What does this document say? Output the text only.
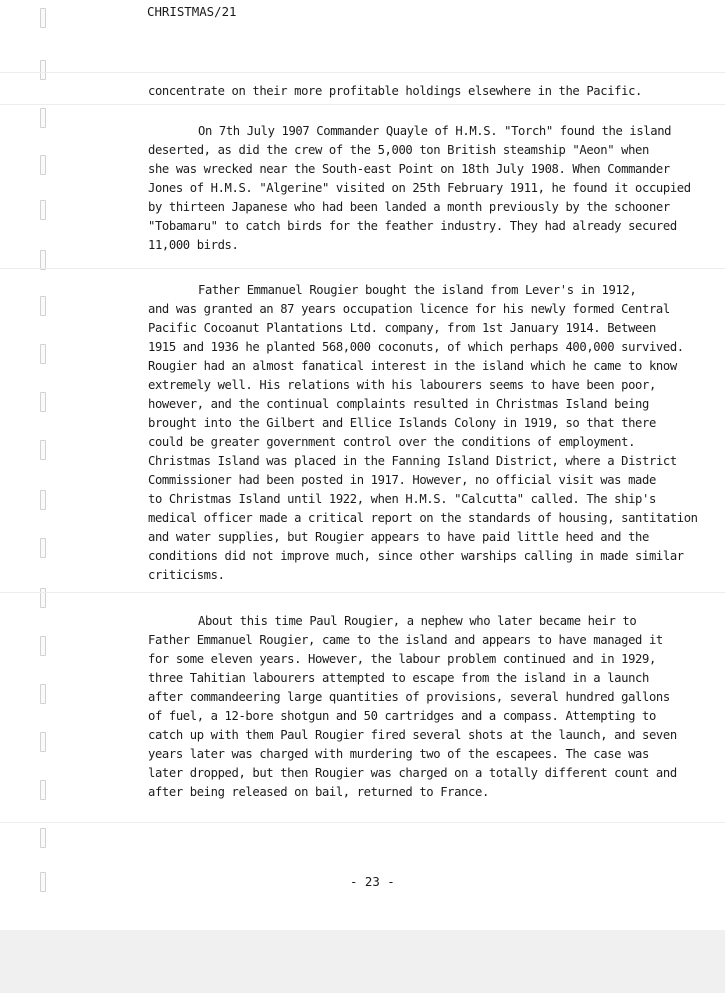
CHRISTMAS/21
concentrate on their more profitable holdings elsewhere in the Pacific.
On 7th July 1907 Commander Quayle of H.M.S. "Torch" found the island
deserted, as did the crew of the 5,000 ton British steamship "Aeon" when
she was wrecked near the South-east Point on 18th July 1908. When Commander
Jones of H.M.S. "Algerine" visited on 25th February 1911, he found it occupied
by thirteen Japanese who had been landed a month previously by the schooner
"Tobamaru" to catch birds for the feather industry. They had already secured
11,000 birds.
Father Emmanuel Rougier bought the island from Lever's in 1912,
and was granted an 87 years occupation licence for his newly formed Central
Pacific Cocoanut Plantations Ltd. company, from 1st January 1914. Between
1915 and 1936 he planted 568,000 coconuts, of which perhaps 400,000 survived.
Rougier had an almost fanatical interest in the island which he came to know
extremely well. His relations with his labourers seems to have been poor,
however, and the continual complaints resulted in Christmas Island being
brought into the Gilbert and Ellice Islands Colony in 1919, so that there
could be greater government control over the conditions of employment.
Christmas Island was placed in the Fanning Island District, where a District
Commissioner had been posted in 1917. However, no official visit was made
to Christmas Island until 1922, when H.M.S. "Calcutta" called. The ship's
medical officer made a critical report on the standards of housing, santitation
and water supplies, but Rougier appears to have paid little heed and the
conditions did not improve much, since other warships calling in made similar
criticisms.
About this time Paul Rougier, a nephew who later became heir to
Father Emmanuel Rougier, came to the island and appears to have managed it
for some eleven years. However, the labour problem continued and in 1929,
three Tahitian labourers attempted to escape from the island in a launch
after commandeering large quantities of provisions, several hundred gallons
of fuel, a 12-bore shotgun and 50 cartridges and a compass. Attempting to
catch up with them Paul Rougier fired several shots at the launch, and seven
years later was charged with murdering two of the escapees. The case was
later dropped, but then Rougier was charged on a totally different count and
after being released on bail, returned to France.
- 23 -
